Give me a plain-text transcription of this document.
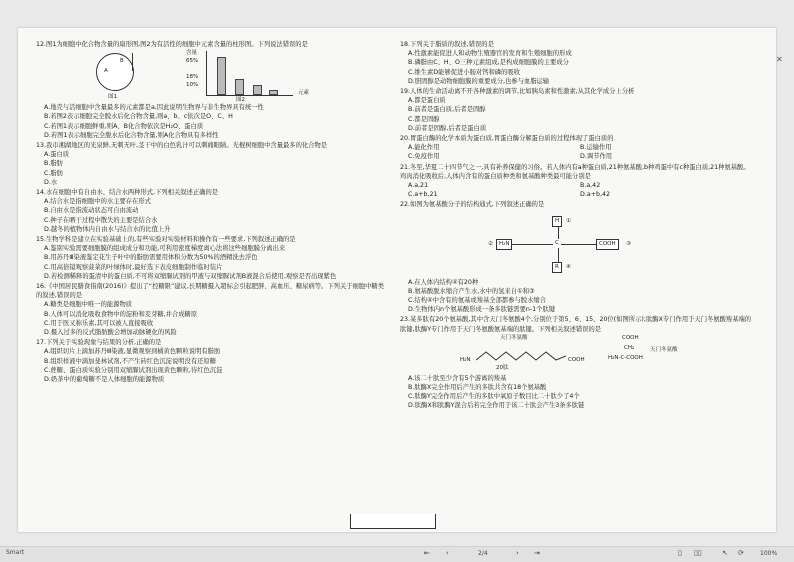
12.图1为细胞中化合物含量的扇形图,图2为有活性的细胞中元素含量的柱形图。下列说法错误的是
A
B
图1
含量
65%
18%
10%
元素
图2
A.地壳与活细胞中含量最多的元素都是a,因此说明生物界与非生物界具有统一性
B.若图2表示细胞完全脱水后化合物含量,则a、b、c依次是O、C、H
C.若图1表示细胞鲜重,则A、B化合物依次是H₂O、蛋白质
D.若图1表示细胞完全脱水后化合物含量,则A化合物具有多样性
13.我市湘湖地区的光泉鲜,无刺无叶,茎干中的白色乳汁可以刺痛眼睛。光棍树细胞中含量最多的化合物是
A.蛋白质
B.脂肪
C.脂肪
D.水
14.水在细胞中有自由水、结合水两种形式,下列相关叙述正确的是
A.结合水是指细胞中的水主要存在形式
B.自由水是指流动状态可自由流动
C.种子在晒干过程中散失的主要是结合水
D.越冬的植物体内自由水与结合水的比值上升
15.生物学科是建立在实验基础上的,有些实验对实验材料和操作有一些要求,下列叙述正确的是
A.鉴别实验需要细胞膜的组成成分和功能,可利用密度梯度离心法将这些细胞膜分离出来
B.用苏丹Ⅲ染液鉴定花生子叶中的脂肪需要用体积分数为50%的酒精洗去浮色
C.用高倍镜观察菠菜的叶绿体时,最好选下表皮细胞制作临时装片
D.若检测稀释的蛋清中的蛋白质,不可将双缩脲试剂的甲液与双缩脲试剂B液混合后使用,观察是否出现紫色
16.《中国居民膳食指南(2016)》提出了“控糖限”建议,长期糖摄入超标会引起肥胖、高血压、糖尿病等。下列关于细胞中糖类的叙述,错误的是
A.糖类是细胞中唯一的能源物质
B.人体可以消化吸收食物中的淀粉和麦芽糖,并合成糖原
C.用于医又称乐素,其可以被人直接吸收
D.摄入过多的反式脂肪酸会增加动脉硬化的风险
17.下列关于实验现象与结果的分析,正确的是
A.组织切片上滴加苏丹Ⅲ染液,显微观察到橘黄色颗粒说明有脂肪
B.组织样液中滴加斐林试剂,不产生砖红色沉淀说明没有还原糖
C.蔗糖、蛋白质实验分别用双缩脲试剂出现黄色颗粒,待红色沉淀
D.奶茶中的葡萄糖不是人体细胞的能源物质
18.下列关于脂质的叙述,错误的是
A.性激素能促进人和动物生殖器官的发育和生殖细胞的形成
B.磷脂由C、H、O三种元素组成,是构成细胞膜的主要成分
C.维生素D能够促进小肠对钙和磷的吸收
D.胆固醇是动物细胞膜的重要成分,也参与血脂运输
19.人体的生命活动离不开各种激素的调节,比如胰岛素和性激素,从其化学成分上分析
A.都是蛋白质
B.前者是蛋白质,后者是固醇
C.都是固醇
D.前者是固醇,后者是蛋白质
20.胃蛋白酶的化学本质为蛋白质,胃蛋白酶分解蛋白质的过程体现了蛋白质的
A.能化作用	B.运输作用
C.免疫作用	D.调节作用
21.冬至,华夏二十四节气之一,具有补养保健的习俗。若人体内有a种蛋白质,21种氨基酸,b种鸡蛋中有c种蛋白质,21种氨基酸。鸡肉消化吸收后,人体内含有的蛋白质种类和氨基酸种类最可能分别是
A.a,21	B.a,42
C.a+b,21	D.a+b,42
22.如图为氨基酸分子的结构通式,下列叙述正确的是
H
H₂N	C	COOH
R
①
②	③
④
A.在人体内结构④有20种
B.氨基酸脱水缩合产生水,水中的氢来自①和③
C.结构④中含有的氨基或羧基全部都参与脱水缩合
D.生物体内n个氨基酸形成一条多肽链需要n-1个肽键
23.某多肽有20个氨基酸,其中含天门冬氨酸4个,分别位于第5、6、15、20位(如图所示);肽酶X专门作用于天门冬氨酸羧基端的肽键,肽酶Y专门作用于天门冬氨酸氨基端的肽键。下列相关叙述错误的是
H₂N	COOH
20肽
天门冬氨酸	COOH
CH₂	天门冬氨酸
H₂N-C-COOH
A.该二十肽至少含有5个游离的羧基
B.肽酶X完全作用后产生的多肽共含有18个氨基酸
C.肽酶Y完全作用后产生的多肽中氧原子数目比二十肽少了4个
D.肽酶X和肽酶Y混合后若完全作用于该二十肽会产生3条多肽链
✕
Smart	⇤ ‹	2/4	› ⇥	▯ ▯▯	↖ ⟳	100%
